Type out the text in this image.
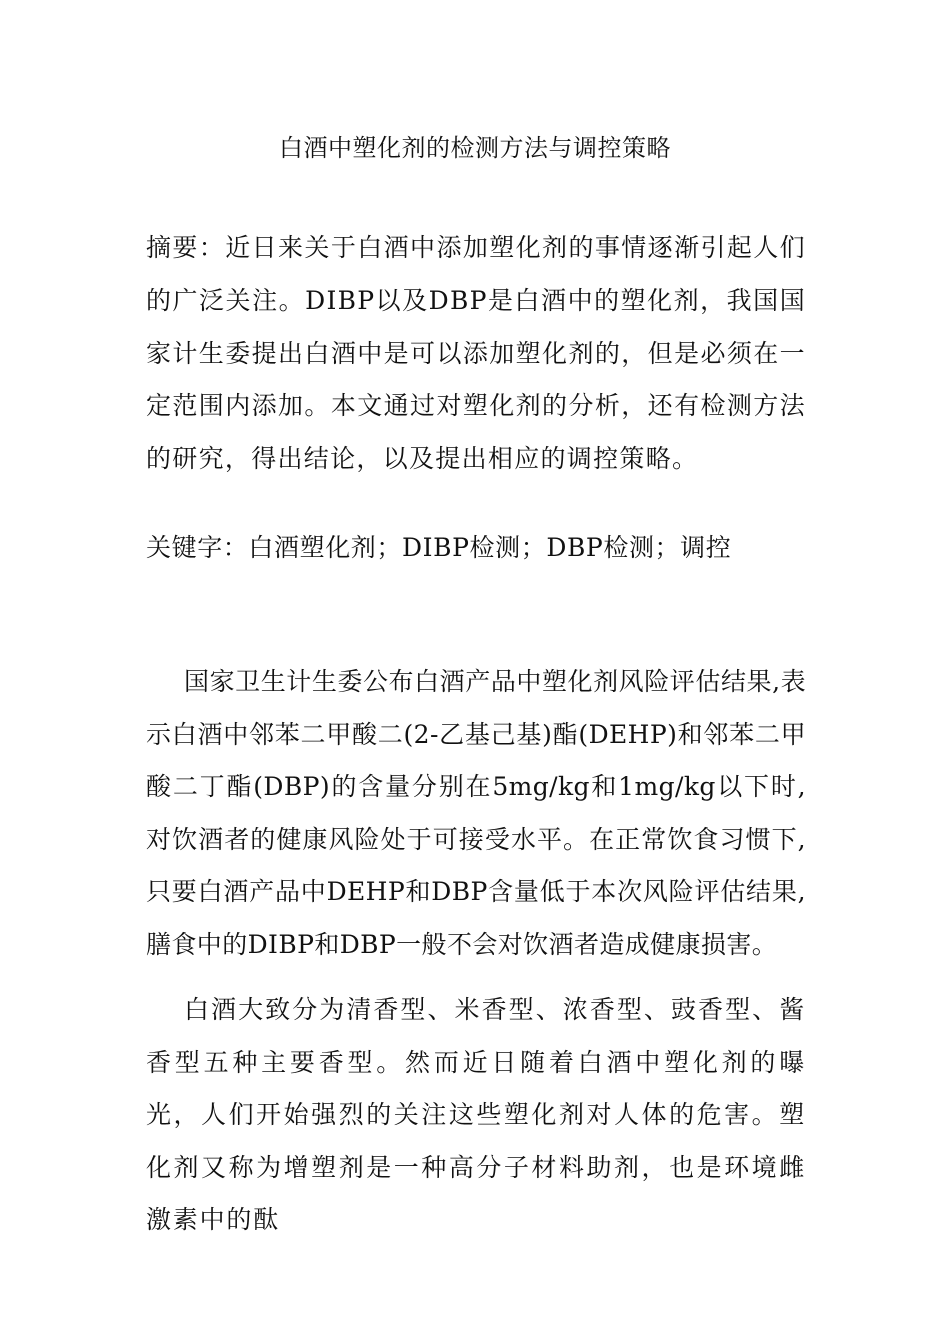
白酒中塑化剂的检测方法与调控策略

摘要：近日来关于白酒中添加塑化剂的事情逐渐引起人们的广泛关注。DIBP以及DBP是白酒中的塑化剂，我国国家计生委提出白酒中是可以添加塑化剂的，但是必须在一定范围内添加。本文通过对塑化剂的分析，还有检测方法的研究，得出结论，以及提出相应的调控策略。

关键字：白酒塑化剂；DIBP检测；DBP检测；调控

国家卫生计生委公布白酒产品中塑化剂风险评估结果,表示白酒中邻苯二甲酸二(2-乙基己基)酯(DEHP)和邻苯二甲酸二丁酯(DBP)的含量分别在5mg/kg和1mg/kg以下时,对饮酒者的健康风险处于可接受水平。在正常饮食习惯下,只要白酒产品中DEHP和DBP含量低于本次风险评估结果,膳食中的DIBP和DBP一般不会对饮酒者造成健康损害。

白酒大致分为清香型、米香型、浓香型、豉香型、酱香型五种主要香型。然而近日随着白酒中塑化剂的曝光，人们开始强烈的关注这些塑化剂对人体的危害。塑化剂又称为增塑剂是一种高分子材料助剂，也是环境雌激素中的酞
